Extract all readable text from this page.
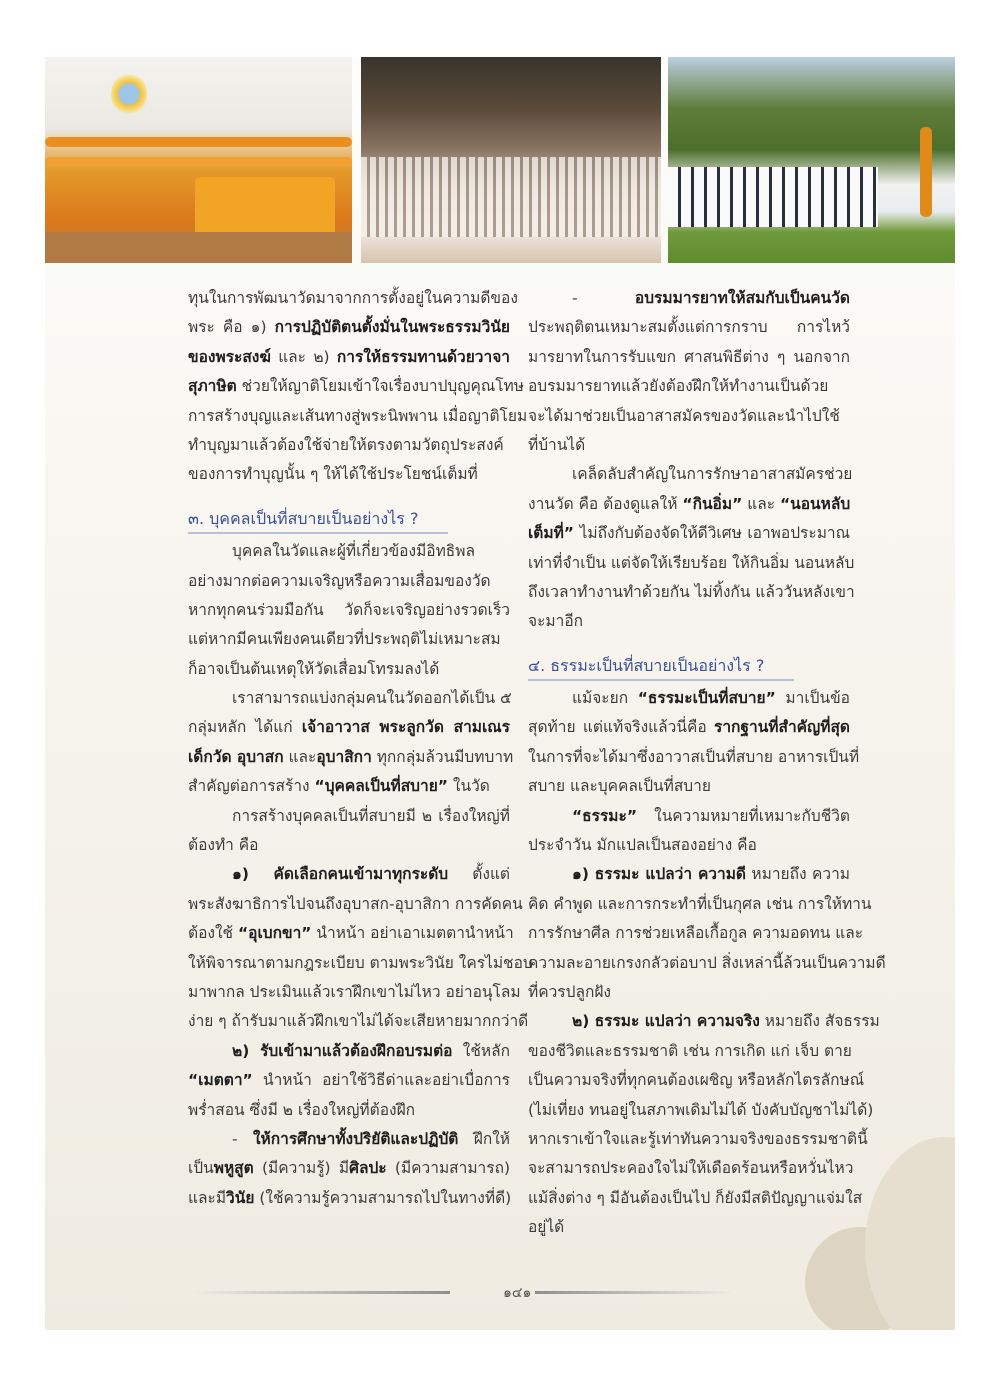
ทุนในการพัฒนาวัดมาจากการตั้งอยู่ในความดีของ
พระ คือ ๑) การปฏิบัติตนตั้งมั่นในพระธรรมวินัย
ของพระสงฆ์ และ ๒) การให้ธรรมทานด้วยวาจา
สุภาษิต ช่วยให้ญาติโยมเข้าใจเรื่องบาปบุญคุณโทษ
การสร้างบุญและเส้นทางสู่พระนิพพาน เมื่อญาติโยม
ทำบุญมาแล้วต้องใช้จ่ายให้ตรงตามวัตถุประสงค์
ของการทำบุญนั้น ๆ ให้ได้ใช้ประโยชน์เต็มที่
๓. บุคคลเป็นที่สบายเป็นอย่างไร ?
บุคคลในวัดและผู้ที่เกี่ยวข้องมีอิทธิพล
อย่างมากต่อความเจริญหรือความเสื่อมของวัด
หากทุกคนร่วมมือกัน วัดก็จะเจริญอย่างรวดเร็ว
แต่หากมีคนเพียงคนเดียวที่ประพฤติไม่เหมาะสม
ก็อาจเป็นต้นเหตุให้วัดเสื่อมโทรมลงได้
เราสามารถแบ่งกลุ่มคนในวัดออกได้เป็น ๕
กลุ่มหลัก ได้แก่ เจ้าอาวาส พระลูกวัด สามเณร
เด็กวัด อุบาสก และอุบาสิกา ทุกกลุ่มล้วนมีบทบาท
สำคัญต่อการสร้าง “บุคคลเป็นที่สบาย” ในวัด
การสร้างบุคคลเป็นที่สบายมี ๒ เรื่องใหญ่ที่
ต้องทำ คือ
๑) คัดเลือกคนเข้ามาทุกระดับ ตั้งแต่
พระสังฆาธิการไปจนถึงอุบาสก-อุบาสิกา การคัดคน
ต้องใช้ “อุเบกขา” นำหน้า อย่าเอาเมตตานำหน้า
ให้พิจารณาตามกฎระเบียบ ตามพระวินัย ใครไม่ชอบ
มาพากล ประเมินแล้วเราฝึกเขาไม่ไหว อย่าอนุโลม
ง่าย ๆ ถ้ารับมาแล้วฝึกเขาไม่ได้จะเสียหายมากกว่าดี
๒) รับเข้ามาแล้วต้องฝึกอบรมต่อ ใช้หลัก
“เมตตา” นำหน้า อย่าใช้วิธีด่าและอย่าเบื่อการ
พร่ำสอน ซึ่งมี ๒ เรื่องใหญ่ที่ต้องฝึก
- ให้การศึกษาทั้งปริยัติและปฏิบัติ ฝึกให้
เป็นพหูสูต (มีความรู้) มีศิลปะ (มีความสามารถ)
และมีวินัย (ใช้ความรู้ความสามารถไปในทางที่ดี)
- อบรมมารยาทให้สมกับเป็นคนวัด
ประพฤติตนเหมาะสมตั้งแต่การกราบ การไหว้
มารยาทในการรับแขก ศาสนพิธีต่าง ๆ นอกจาก
อบรมมารยาทแล้วยังต้องฝึกให้ทำงานเป็นด้วย
จะได้มาช่วยเป็นอาสาสมัครของวัดและนำไปใช้
ที่บ้านได้
เคล็ดลับสำคัญในการรักษาอาสาสมัครช่วย
งานวัด คือ ต้องดูแลให้ “กินอิ่ม” และ “นอนหลับ
เต็มที่” ไม่ถึงกับต้องจัดให้ดีวิเศษ เอาพอประมาณ
เท่าที่จำเป็น แต่จัดให้เรียบร้อย ให้กินอิ่ม นอนหลับ
ถึงเวลาทำงานทำด้วยกัน ไม่ทิ้งกัน แล้ววันหลังเขา
จะมาอีก
๔. ธรรมะเป็นที่สบายเป็นอย่างไร ?
แม้จะยก “ธรรมะเป็นที่สบาย” มาเป็นข้อ
สุดท้าย แต่แท้จริงแล้วนี่คือ รากฐานที่สำคัญที่สุด
ในการที่จะได้มาซึ่งอาวาสเป็นที่สบาย อาหารเป็นที่
สบาย และบุคคลเป็นที่สบาย
“ธรรมะ” ในความหมายที่เหมาะกับชีวิต
ประจำวัน มักแปลเป็นสองอย่าง คือ
๑) ธรรมะ แปลว่า ความดี หมายถึง ความ
คิด คำพูด และการกระทำที่เป็นกุศล เช่น การให้ทาน
การรักษาศีล การช่วยเหลือเกื้อกูล ความอดทน และ
ความละอายเกรงกลัวต่อบาป สิ่งเหล่านี้ล้วนเป็นความดี
ที่ควรปลูกฝัง
๒) ธรรมะ แปลว่า ความจริง หมายถึง สัจธรรม
ของชีวิตและธรรมชาติ เช่น การเกิด แก่ เจ็บ ตาย
เป็นความจริงที่ทุกคนต้องเผชิญ หรือหลักไตรลักษณ์
(ไม่เที่ยง ทนอยู่ในสภาพเดิมไม่ได้ บังคับบัญชาไม่ได้)
หากเราเข้าใจและรู้เท่าทันความจริงของธรรมชาตินี้
จะสามารถประคองใจไม่ให้เดือดร้อนหรือหวั่นไหว
แม้สิ่งต่าง ๆ มีอันต้องเป็นไป ก็ยังมีสติปัญญาแจ่มใส
อยู่ได้
๑๔๑
